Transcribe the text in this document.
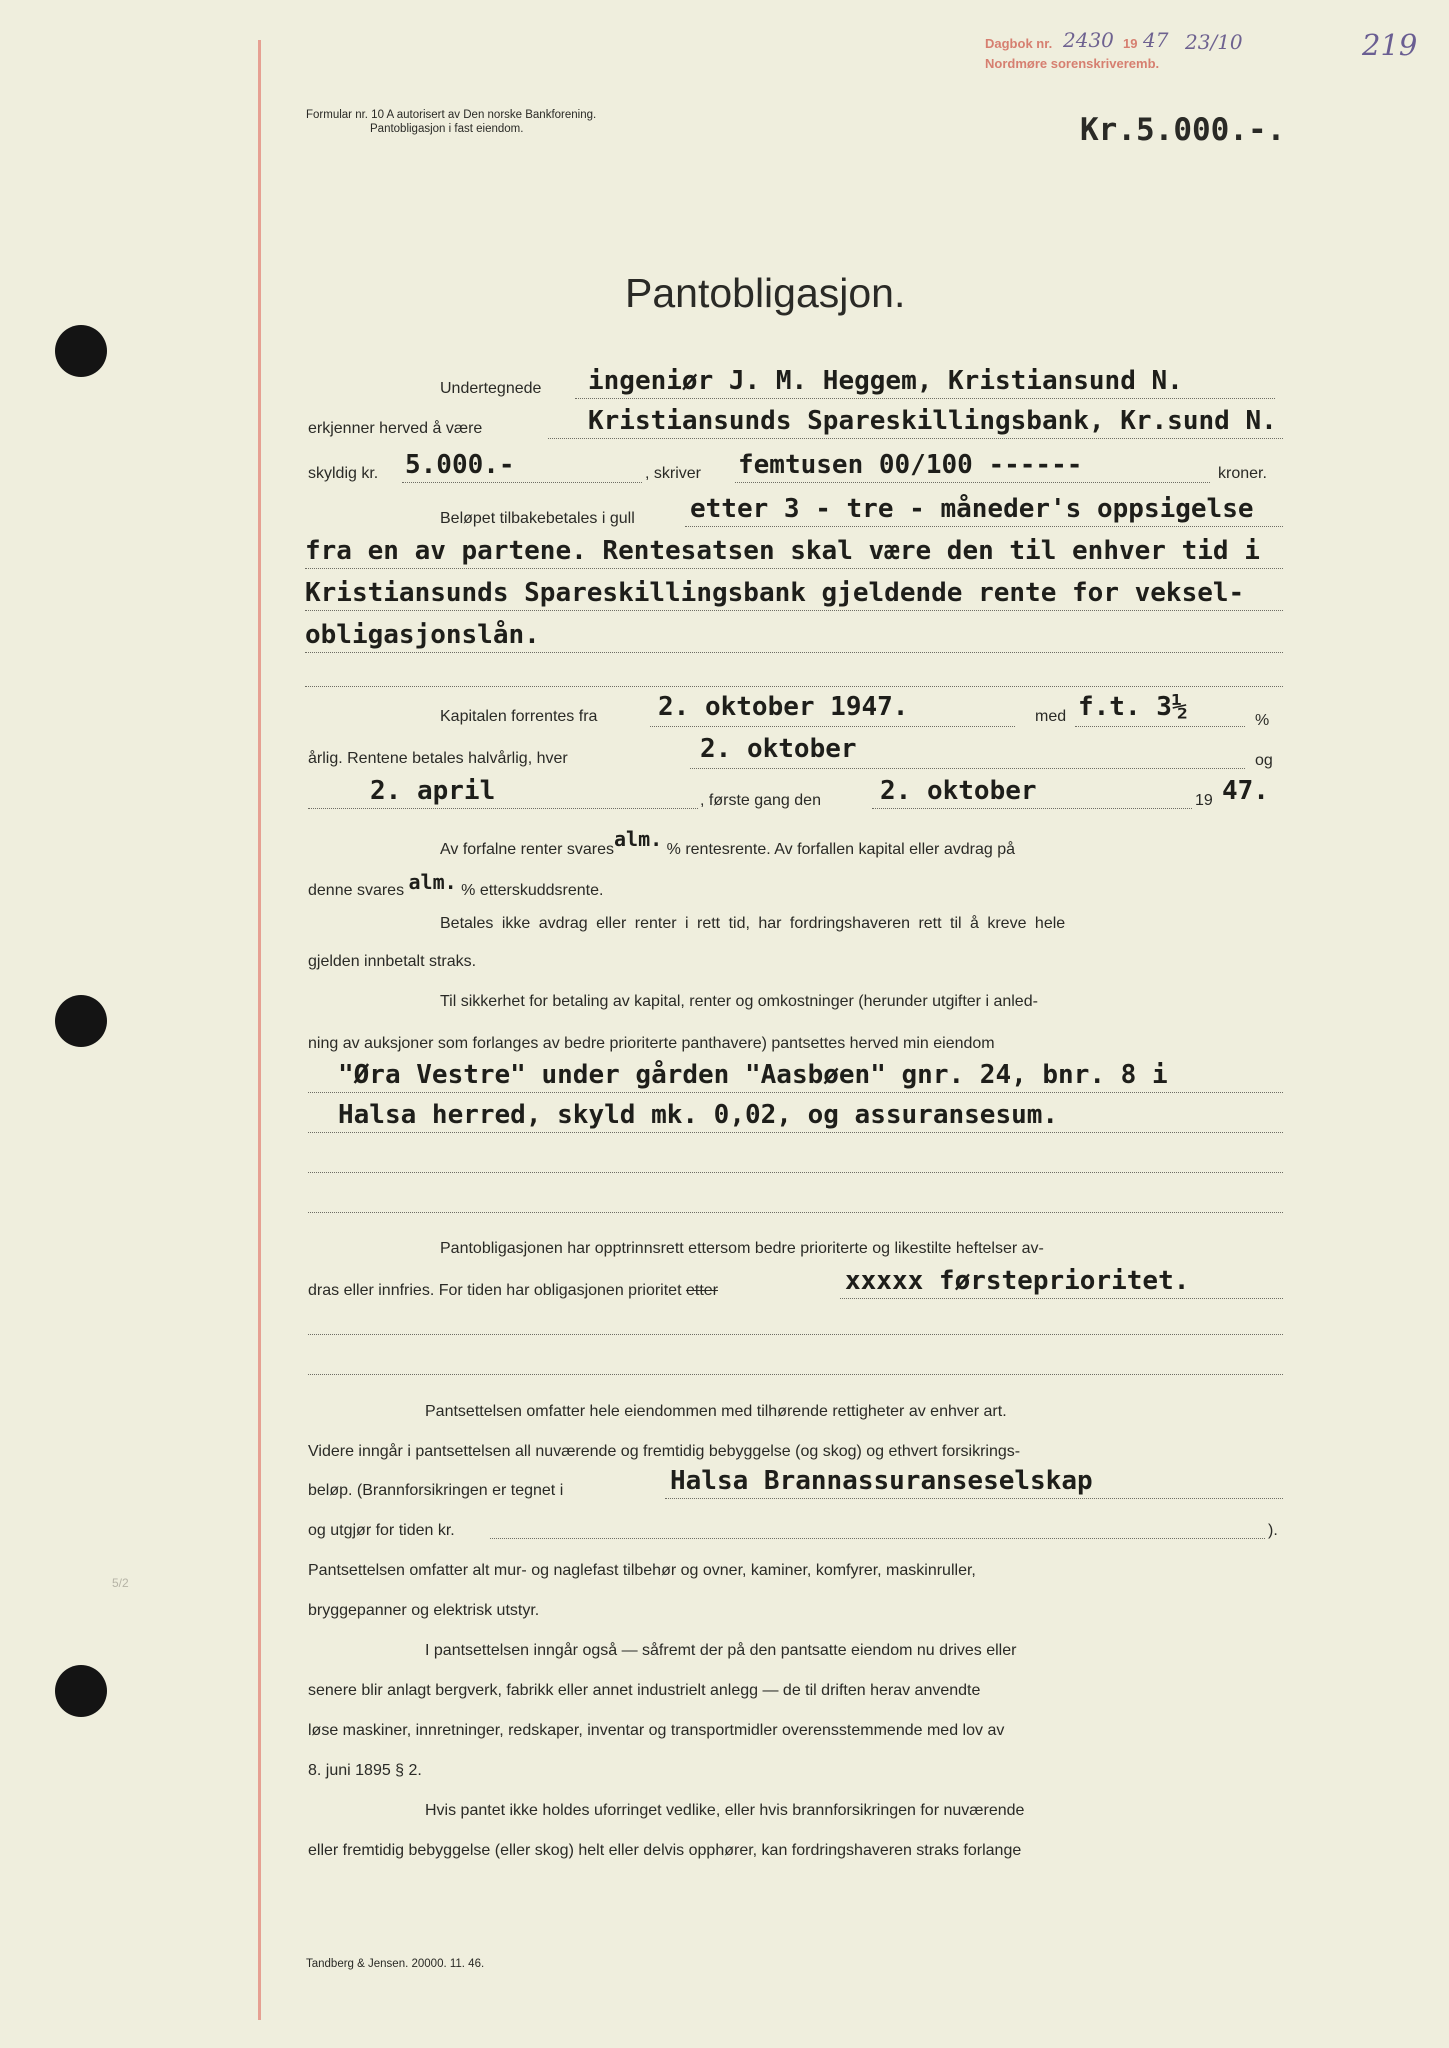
Dagbok nr. 2430 19 47 23/10
Nordmøre sorenskriveremb.
219
Formular nr. 10 A autorisert av Den norske Bankforening.
Pantobligasjon i fast eiendom.	Kr.5.000.-.
Pantobligasjon.
Undertegnede ingeniør J. M. Heggem, Kristiansund N.
erkjenner herved å være	Kristiansunds Spareskillingsbank, Kr.sund N.
skyldig kr. 5.000.-	, skriver femtusen 00/100 ------	kroner.
Beløpet tilbakebetales i gull etter 3 - tre - måneder's oppsigelse
fra en av partene. Rentesatsen skal være den til enhver tid i
Kristiansunds Spareskillingsbank gjeldende rente for veksel-
obligasjonslån.
Kapitalen forrentes fra 2. oktober 1947.	med f.t. 3½	%
årlig. Rentene betales halvårlig, hver	2. oktober	og
2. april	, første gang den 2. oktober	19 47.
Av forfalne renter svaresalm. % rentesrente. Av forfallen kapital eller avdrag på
denne svares alm. % etterskuddsrente.
Betales ikke avdrag eller renter i rett tid, har fordringshaveren rett til å kreve hele
gjelden innbetalt straks.
Til sikkerhet for betaling av kapital, renter og omkostninger (herunder utgifter i anled-
ning av auksjoner som forlanges av bedre prioriterte panthavere) pantsettes herved min eiendom
"Øra Vestre" under gården "Aasbøen" gnr. 24, bnr. 8 i
Halsa herred, skyld mk. 0,02, og assuransesum.
Pantobligasjonen har opptrinnsrett ettersom bedre prioriterte og likestilte heftelser av-
dras eller innfries. For tiden har obligasjonen prioritet etter	xxxxx førsteprioritet.
Pantsettelsen omfatter hele eiendommen med tilhørende rettigheter av enhver art.
Videre inngår i pantsettelsen all nuværende og fremtidig bebyggelse (og skog) og ethvert forsikrings-
beløp. (Brannforsikringen er tegnet i	Halsa Brannassuranseselskap
og utgjør for tiden kr.	).
Pantsettelsen omfatter alt mur- og naglefast tilbehør og ovner, kaminer, komfyrer, maskinruller,
bryggepanner og elektrisk utstyr.
I pantsettelsen inngår også — såfremt der på den pantsatte eiendom nu drives eller
senere blir anlagt bergverk, fabrikk eller annet industrielt anlegg — de til driften herav anvendte
løse maskiner, innretninger, redskaper, inventar og transportmidler overensstemmende med lov av
8. juni 1895 § 2.
Hvis pantet ikke holdes uforringet vedlike, eller hvis brannforsikringen for nuværende
eller fremtidig bebyggelse (eller skog) helt eller delvis opphører, kan fordringshaveren straks forlange
Tandberg & Jensen. 20000. 11. 46.
5/2
